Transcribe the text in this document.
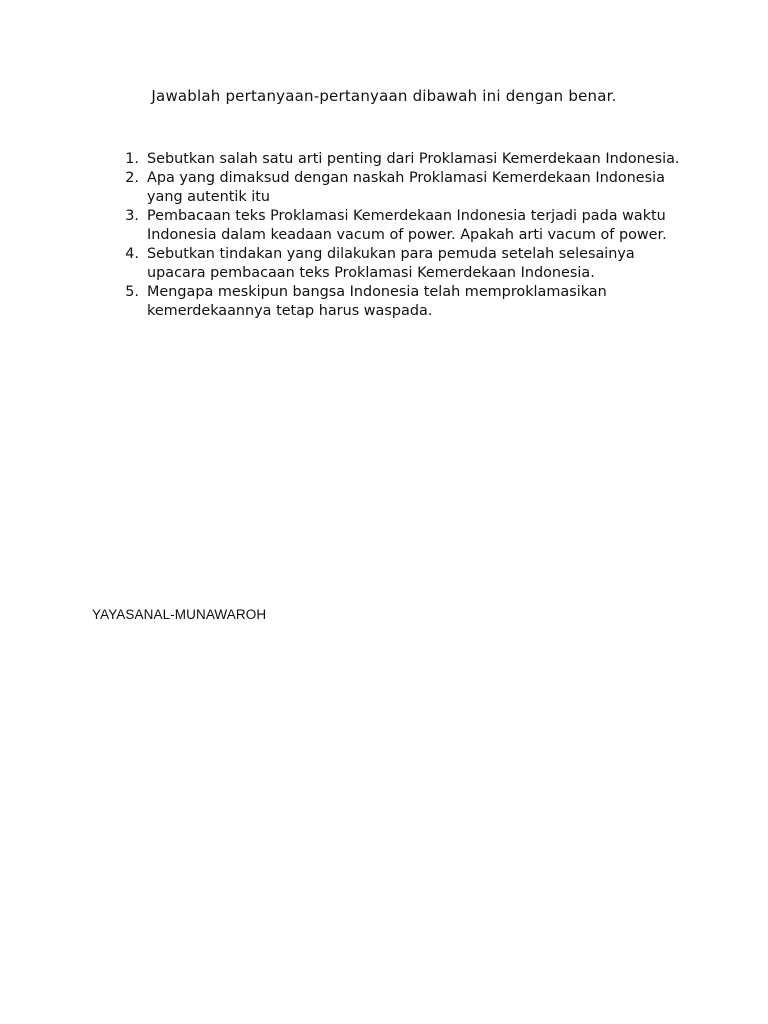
Jawablah pertanyaan-pertanyaan dibawah ini dengan benar.
1. Sebutkan salah satu arti penting dari Proklamasi Kemerdekaan Indonesia.
2. Apa yang dimaksud dengan naskah Proklamasi Kemerdekaan Indonesia yang autentik itu
3. Pembacaan teks Proklamasi Kemerdekaan Indonesia terjadi pada waktu Indonesia dalam keadaan vacum of power. Apakah arti vacum of power.
4. Sebutkan tindakan yang dilakukan para pemuda setelah selesainya upacara pembacaan teks Proklamasi Kemerdekaan Indonesia.
5. Mengapa meskipun bangsa Indonesia telah memproklamasikan kemerdekaannya tetap harus waspada.
YAYASANAL-MUNAWAROH
